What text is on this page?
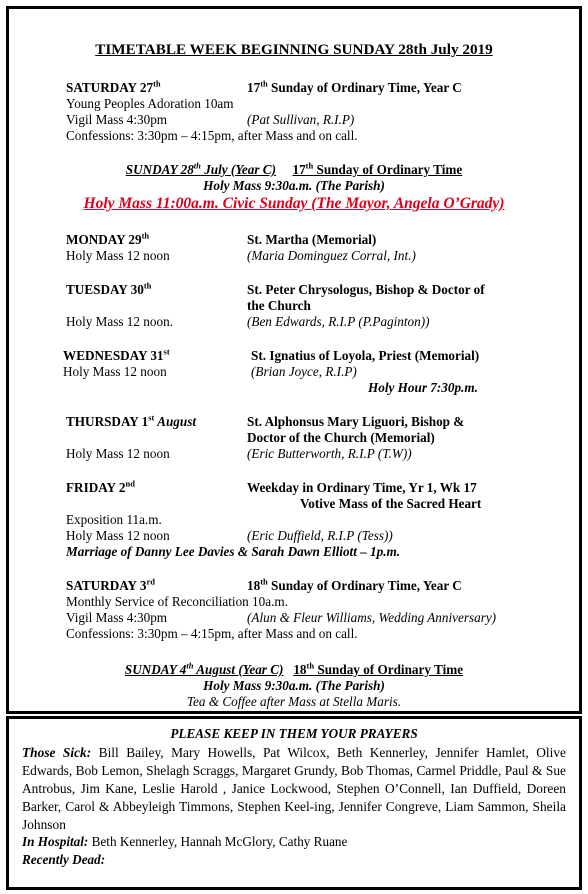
TIMETABLE WEEK BEGINNING SUNDAY 28th July 2019
SATURDAY 27th	17th Sunday of Ordinary Time, Year C
Young Peoples Adoration 10am
Vigil Mass 4:30pm	(Pat Sullivan, R.I.P)
Confessions: 3:30pm – 4:15pm, after Mass and on call.
SUNDAY 28th July (Year C) 17th Sunday of Ordinary Time
Holy Mass 9:30a.m. (The Parish)
Holy Mass 11:00a.m. Civic Sunday (The Mayor, Angela O’Grady)
MONDAY 29th	St. Martha (Memorial)
Holy Mass 12 noon	(Maria Dominguez Corral, Int.)
TUESDAY 30th	St. Peter Chrysologus, Bishop & Doctor of
the Church
Holy Mass 12 noon.	(Ben Edwards, R.I.P (P.Paginton))
WEDNESDAY 31st	St. Ignatius of Loyola, Priest (Memorial)
Holy Mass 12 noon	(Brian Joyce, R.I.P)
Holy Hour 7:30p.m.
THURSDAY 1st August	St. Alphonsus Mary Liguori, Bishop &
Doctor of the Church (Memorial)
Holy Mass 12 noon	(Eric Butterworth, R.I.P (T.W))
FRIDAY 2nd	Weekday in Ordinary Time, Yr 1, Wk 17
Votive Mass of the Sacred Heart
Exposition 11a.m.
Holy Mass 12 noon	(Eric Duffield, R.I.P (Tess))
Marriage of Danny Lee Davies & Sarah Dawn Elliott – 1p.m.
SATURDAY 3rd	18th Sunday of Ordinary Time, Year C
Monthly Service of Reconciliation 10a.m.
Vigil Mass 4:30pm	(Alun & Fleur Williams, Wedding Anniversary)
Confessions: 3:30pm – 4:15pm, after Mass and on call.
SUNDAY 4th August (Year C) 18th Sunday of Ordinary Time
Holy Mass 9:30a.m. (The Parish)
Tea & Coffee after Mass at Stella Maris.
PLEASE KEEP IN THEM YOUR PRAYERS
Those Sick: Bill Bailey, Mary Howells, Pat Wilcox, Beth Kennerley, Jennifer Hamlet, Olive Edwards, Bob Lemon, Shelagh Scraggs, Margaret Grundy, Bob Thomas, Carmel Priddle, Paul & Sue Antrobus, Jim Kane, Leslie Harold , Janice Lockwood, Stephen O’Connell, Ian Duffield, Doreen Barker, Carol & Abbeyleigh Timmons, Stephen Keel-ing, Jennifer Congreve, Liam Sammon, Sheila Johnson
In Hospital: Beth Kennerley, Hannah McGlory, Cathy Ruane
Recently Dead:
